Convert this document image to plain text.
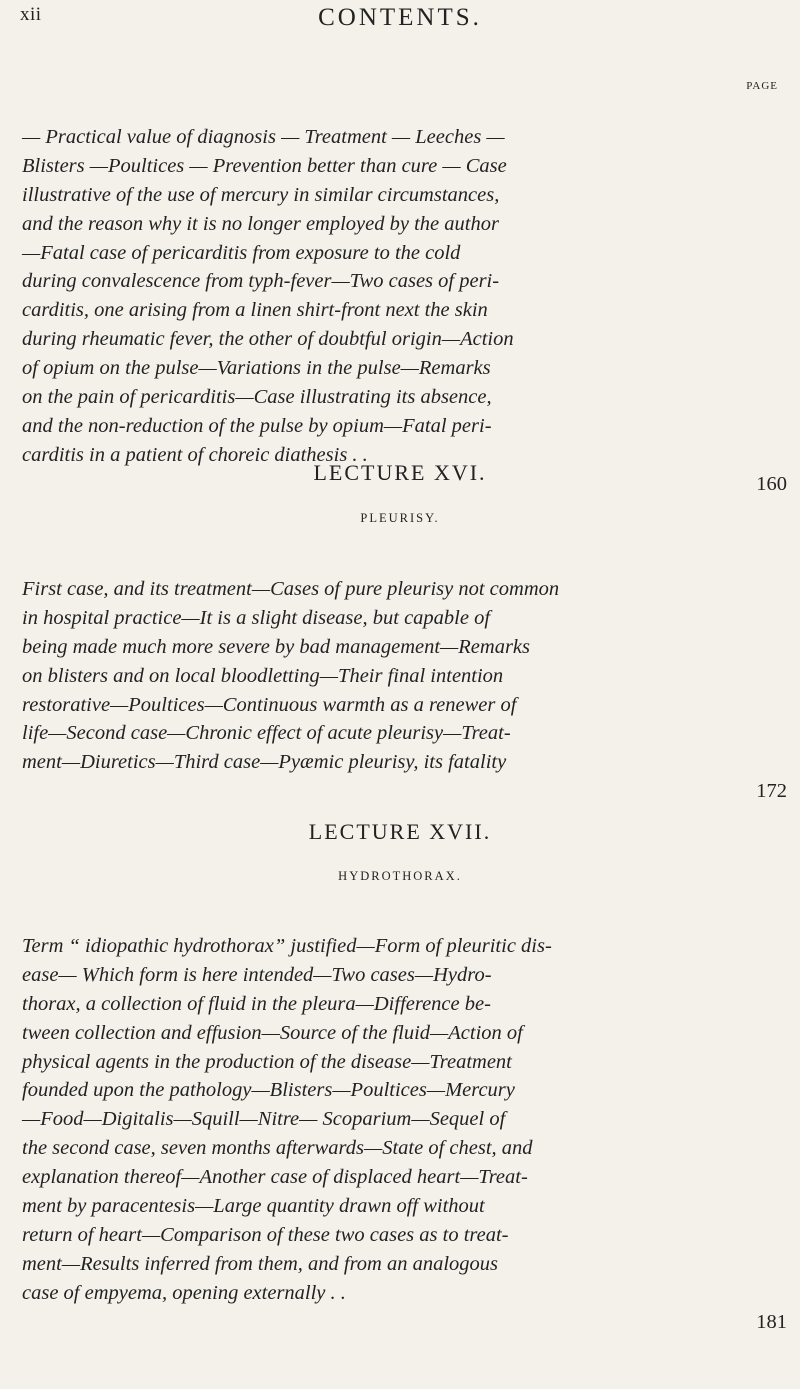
xii	CONTENTS.
PAGE

— Practical value of diagnosis — Treatment — Leeches —
Blisters —Poultices — Prevention better than cure — Case
illustrative of the use of mercury in similar circumstances,
and the reason why it is no longer employed by the author
—Fatal case of pericarditis from exposure to the cold
during convalescence from typh-fever—Two cases of peri-
carditis, one arising from a linen shirt-front next the skin
during rheumatic fever, the other of doubtful origin—Action
of opium on the pulse—Variations in the pulse—Remarks
on the pain of pericarditis—Case illustrating its absence,
and the non-reduction of the pulse by opium—Fatal peri-
carditis in a patient of choreic diathesis . .

160

LECTURE XVI.
PLEURISY.

First case, and its treatment—Cases of pure pleurisy not common
in hospital practice—It is a slight disease, but capable of
being made much more severe by bad management—Remarks
on blisters and on local bloodletting—Their final intention
restorative—Poultices—Continuous warmth as a renewer of
life—Second case—Chronic effect of acute pleurisy—Treat-
ment—Diuretics—Third case—Pyæmic pleurisy, its fatality

172

LECTURE XVII.
HYDROTHORAX.

Term “ idiopathic hydrothorax” justified—Form of pleuritic dis-
ease— Which form is here intended—Two cases—Hydro-
thorax, a collection of fluid in the pleura—Difference be-
tween collection and effusion—Source of the fluid—Action of
physical agents in the production of the disease—Treatment
founded upon the pathology—Blisters—Poultices—Mercury
—Food—Digitalis—Squill—Nitre— Scoparium—Sequel of
the second case, seven months afterwards—State of chest, and
explanation thereof—Another case of displaced heart—Treat-
ment by paracentesis—Large quantity drawn off without
return of heart—Comparison of these two cases as to treat-
ment—Results inferred from them, and from an analogous
case of empyema, opening externally . .

181
